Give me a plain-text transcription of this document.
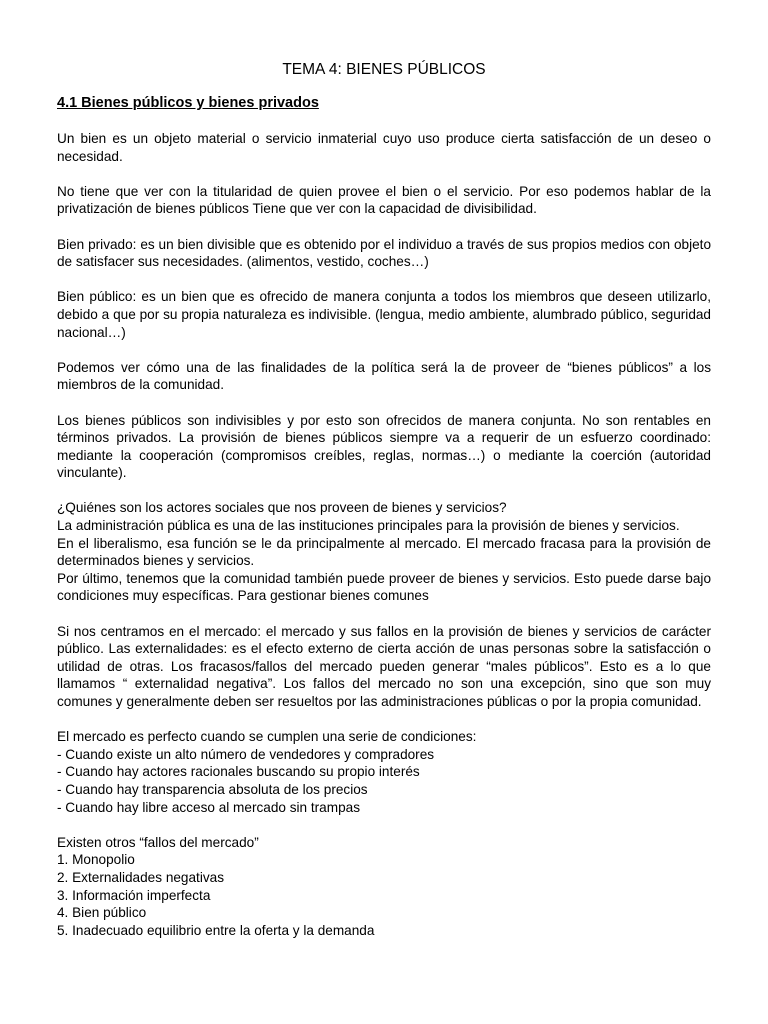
TEMA 4: BIENES PÚBLICOS
4.1 Bienes públicos y bienes privados

Un bien es un objeto material o servicio inmaterial cuyo uso produce cierta satisfacción de un deseo o necesidad.

No tiene que ver con la titularidad de quien provee el bien o el servicio. Por eso podemos hablar de la privatización de bienes públicos Tiene que ver con la capacidad de divisibilidad.

Bien privado: es un bien divisible que es obtenido por el individuo a través de sus propios medios con objeto de satisfacer sus necesidades. (alimentos, vestido, coches…)

Bien público: es un bien que es ofrecido de manera conjunta a todos los miembros que deseen utilizarlo, debido a que por su propia naturaleza es indivisible. (lengua, medio ambiente, alumbrado público, seguridad nacional…)

Podemos ver cómo una de las finalidades de la política será la de proveer de “bienes públicos” a los miembros de la comunidad.

Los bienes públicos son indivisibles y por esto son ofrecidos de manera conjunta. No son rentables en términos privados. La provisión de bienes públicos siempre va a requerir de un esfuerzo coordinado: mediante la cooperación (compromisos creíbles, reglas, normas…) o mediante la coerción (autoridad vinculante).

¿Quiénes son los actores sociales que nos proveen de bienes y servicios?

La administración pública es una de las instituciones principales para la provisión de bienes y servicios.

En el liberalismo, esa función se le da principalmente al mercado. El mercado fracasa para la provisión de determinados bienes y servicios.

Por último, tenemos que la comunidad también puede proveer de bienes y servicios. Esto puede darse bajo condiciones muy específicas. Para gestionar bienes comunes

Si nos centramos en el mercado: el mercado y sus fallos en la provisión de bienes y servicios de carácter público. Las externalidades: es el efecto externo de cierta acción de unas personas sobre la satisfacción o utilidad de otras. Los fracasos/fallos del mercado pueden generar “males públicos”. Esto es a lo que llamamos “ externalidad negativa”. Los fallos del mercado no son una excepción, sino que son muy comunes y generalmente deben ser resueltos por las administraciones públicas o por la propia comunidad.

El mercado es perfecto cuando se cumplen una serie de condiciones:

- Cuando existe un alto número de vendedores y compradores

- Cuando hay actores racionales buscando su propio interés

- Cuando hay transparencia absoluta de los precios

- Cuando hay libre acceso al mercado sin trampas

Existen otros “fallos del mercado”

1. Monopolio

2. Externalidades negativas

3. Información imperfecta

4. Bien público

5. Inadecuado equilibrio entre la oferta y la demanda
